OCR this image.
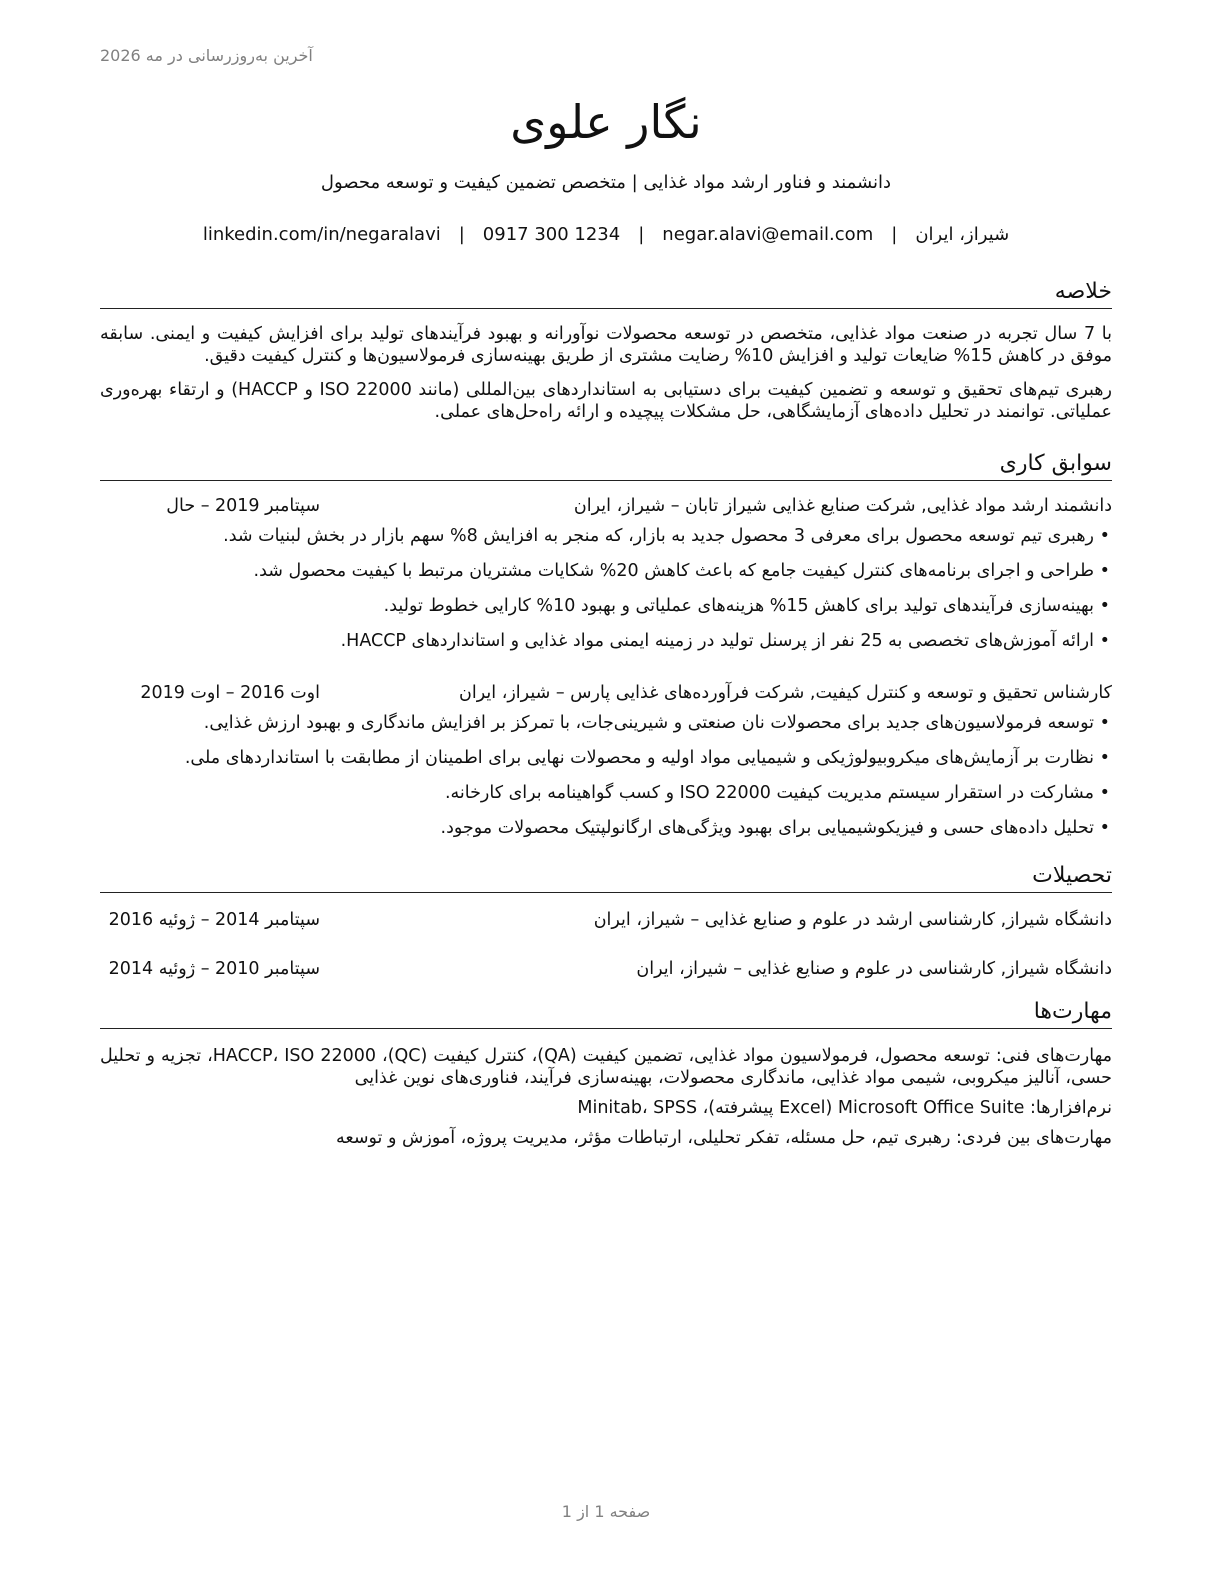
آخرین به‌روزرسانی در مه 2026
نگار علوی
دانشمند و فناور ارشد مواد غذایی | متخصص تضمین کیفیت و توسعه محصول
شیراز، ایران
|
negar.alavi@email.com
|
0917 300 1234
|
linkedin.com/in/negaralavi
خلاصه

با 7 سال تجربه در صنعت مواد غذایی، متخصص در توسعه محصولات نوآورانه و بهبود فرآیندهای تولید برای افزایش کیفیت و ایمنی. سابقه موفق در کاهش 15% ضایعات تولید و افزایش 10% رضایت مشتری از طریق بهینه‌سازی فرمولاسیون‌ها و کنترل کیفیت دقیق.

رهبری تیم‌های تحقیق و توسعه و تضمین کیفیت برای دستیابی به استانداردهای بین‌المللی (مانند ISO 22000 و HACCP) و ارتقاء بهره‌وری عملیاتی. توانمند در تحلیل داده‌های آزمایشگاهی، حل مشکلات پیچیده و ارائه راه‌حل‌های عملی.

سوابق کاری
دانشمند ارشد مواد غذایی, شرکت صنایع غذایی شیراز تابان – شیراز، ایران
سپتامبر 2019 – حال
• رهبری تیم توسعه محصول برای معرفی 3 محصول جدید به بازار، که منجر به افزایش 8% سهم بازار در بخش لبنیات شد.
• طراحی و اجرای برنامه‌های کنترل کیفیت جامع که باعث کاهش 20% شکایات مشتریان مرتبط با کیفیت محصول شد.
• بهینه‌سازی فرآیندهای تولید برای کاهش 15% هزینه‌های عملیاتی و بهبود 10% کارایی خطوط تولید.
• ارائه آموزش‌های تخصصی به 25 نفر از پرسنل تولید در زمینه ایمنی مواد غذایی و استانداردهای HACCP.
کارشناس تحقیق و توسعه و کنترل کیفیت, شرکت فرآورده‌های غذایی پارس – شیراز، ایران
اوت 2016 – اوت 2019
• توسعه فرمولاسیون‌های جدید برای محصولات نان صنعتی و شیرینی‌جات، با تمرکز بر افزایش ماندگاری و بهبود ارزش غذایی.
• نظارت بر آزمایش‌های میکروبیولوژیکی و شیمیایی مواد اولیه و محصولات نهایی برای اطمینان از مطابقت با استانداردهای ملی.
• مشارکت در استقرار سیستم مدیریت کیفیت ISO 22000 و کسب گواهینامه برای کارخانه.
• تحلیل داده‌های حسی و فیزیکوشیمیایی برای بهبود ویژگی‌های ارگانولپتیک محصولات موجود.
تحصیلات
دانشگاه شیراز, کارشناسی ارشد در علوم و صنایع غذایی – شیراز، ایران
سپتامبر 2014 – ژوئیه 2016
دانشگاه شیراز, کارشناسی در علوم و صنایع غذایی – شیراز، ایران
سپتامبر 2010 – ژوئیه 2014
مهارت‌ها

مهارت‌های فنی: توسعه محصول، فرمولاسیون مواد غذایی، تضمین کیفیت (QA)، کنترل کیفیت (QC)، HACCP، ISO 22000، تجزیه و تحلیل حسی، آنالیز میکروبی، شیمی مواد غذایی، ماندگاری محصولات، بهینه‌سازی فرآیند، فناوری‌های نوین غذایی

نرم‌افزارها: Microsoft Office Suite (Excel پیشرفته)، Minitab، SPSS

مهارت‌های بین فردی: رهبری تیم، حل مسئله، تفکر تحلیلی، ارتباطات مؤثر، مدیریت پروژه، آموزش و توسعه

صفحه 1 از 1
